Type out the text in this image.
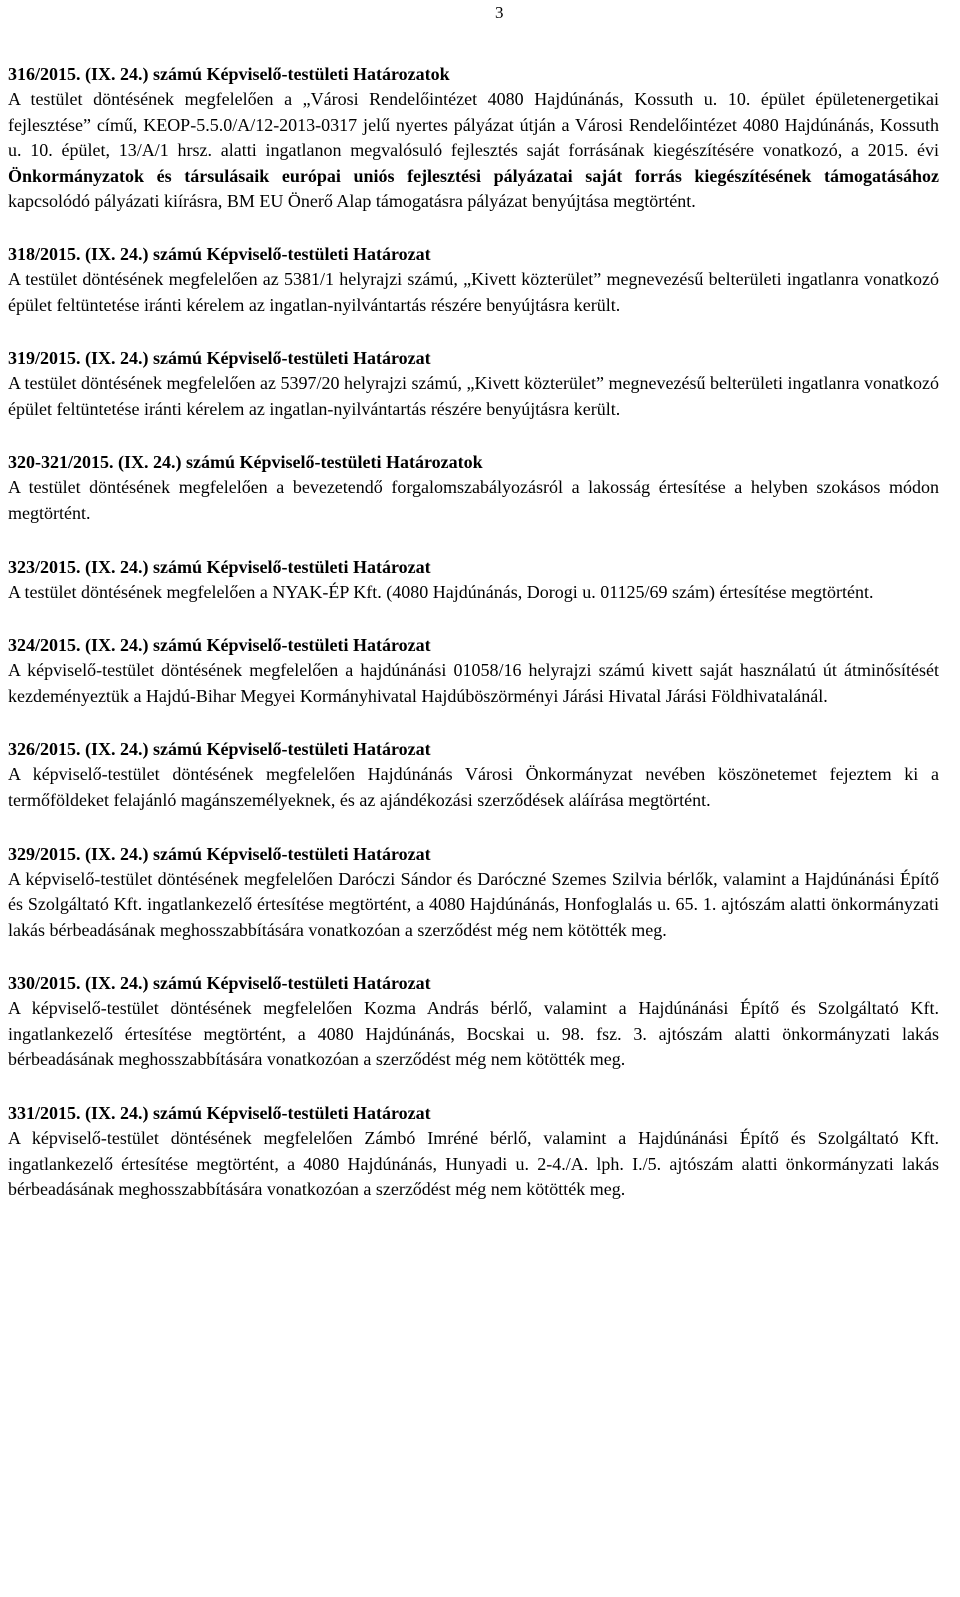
3

316/2015. (IX. 24.) számú Képviselő-testületi Határozatok

A testület döntésének megfelelően a „Városi Rendelőintézet 4080 Hajdúnánás, Kossuth u. 10. épület épületenergetikai fejlesztése” című, KEOP-5.5.0/A/12-2013-0317 jelű nyertes pályázat útján a Városi Rendelőintézet 4080 Hajdúnánás, Kossuth u. 10. épület, 13/A/1 hrsz. alatti ingatlanon megvalósuló fejlesztés saját forrásának kiegészítésére vonatkozó, a 2015. évi Önkormányzatok és társulásaik európai uniós fejlesztési pályázatai saját forrás kiegészítésének támogatásához kapcsolódó pályázati kiírásra, BM EU Önerő Alap támogatásra pályázat benyújtása megtörtént.

318/2015. (IX. 24.) számú Képviselő-testületi Határozat

A testület döntésének megfelelően az 5381/1 helyrajzi számú, „Kivett közterület” megnevezésű belterületi ingatlanra vonatkozó épület feltüntetése iránti kérelem az ingatlan-nyilvántartás részére benyújtásra került.

319/2015. (IX. 24.) számú Képviselő-testületi Határozat

A testület döntésének megfelelően az 5397/20 helyrajzi számú, „Kivett közterület” megnevezésű belterületi ingatlanra vonatkozó épület feltüntetése iránti kérelem az ingatlan-nyilvántartás részére benyújtásra került.

320-321/2015. (IX. 24.) számú Képviselő-testületi Határozatok

A testület döntésének megfelelően a bevezetendő forgalomszabályozásról a lakosság értesítése a helyben szokásos módon megtörtént.

323/2015. (IX. 24.) számú Képviselő-testületi Határozat

A testület döntésének megfelelően a NYAK-ÉP Kft. (4080 Hajdúnánás, Dorogi u. 01125/69 szám) értesítése megtörtént.

324/2015. (IX. 24.) számú Képviselő-testületi Határozat

A képviselő-testület döntésének megfelelően a hajdúnánási 01058/16 helyrajzi számú kivett saját használatú út átminősítését kezdeményeztük a Hajdú-Bihar Megyei Kormányhivatal Hajdúböszörményi Járási Hivatal Járási Földhivatalánál.

326/2015. (IX. 24.) számú Képviselő-testületi Határozat

A képviselő-testület döntésének megfelelően Hajdúnánás Városi Önkormányzat nevében köszönetemet fejeztem ki a termőföldeket felajánló magánszemélyeknek, és az ajándékozási szerződések aláírása megtörtént.

329/2015. (IX. 24.) számú Képviselő-testületi Határozat

A képviselő-testület döntésének megfelelően Daróczi Sándor és Daróczné Szemes Szilvia bérlők, valamint a Hajdúnánási Építő és Szolgáltató Kft. ingatlankezelő értesítése megtörtént, a 4080 Hajdúnánás, Honfoglalás u. 65. 1. ajtószám alatti önkormányzati lakás bérbeadásának meghosszabbítására vonatkozóan a szerződést még nem kötötték meg.

330/2015. (IX. 24.) számú Képviselő-testületi Határozat

A képviselő-testület döntésének megfelelően Kozma András bérlő, valamint a Hajdúnánási Építő és Szolgáltató Kft. ingatlankezelő értesítése megtörtént, a 4080 Hajdúnánás, Bocskai u. 98. fsz. 3. ajtószám alatti önkormányzati lakás bérbeadásának meghosszabbítására vonatkozóan a szerződést még nem kötötték meg.

331/2015. (IX. 24.) számú Képviselő-testületi Határozat

A képviselő-testület döntésének megfelelően Zámbó Imréné bérlő, valamint a Hajdúnánási Építő és Szolgáltató Kft. ingatlankezelő értesítése megtörtént, a 4080 Hajdúnánás, Hunyadi u. 2-4./A. lph. I./5. ajtószám alatti önkormányzati lakás bérbeadásának meghosszabbítására vonatkozóan a szerződést még nem kötötték meg.
